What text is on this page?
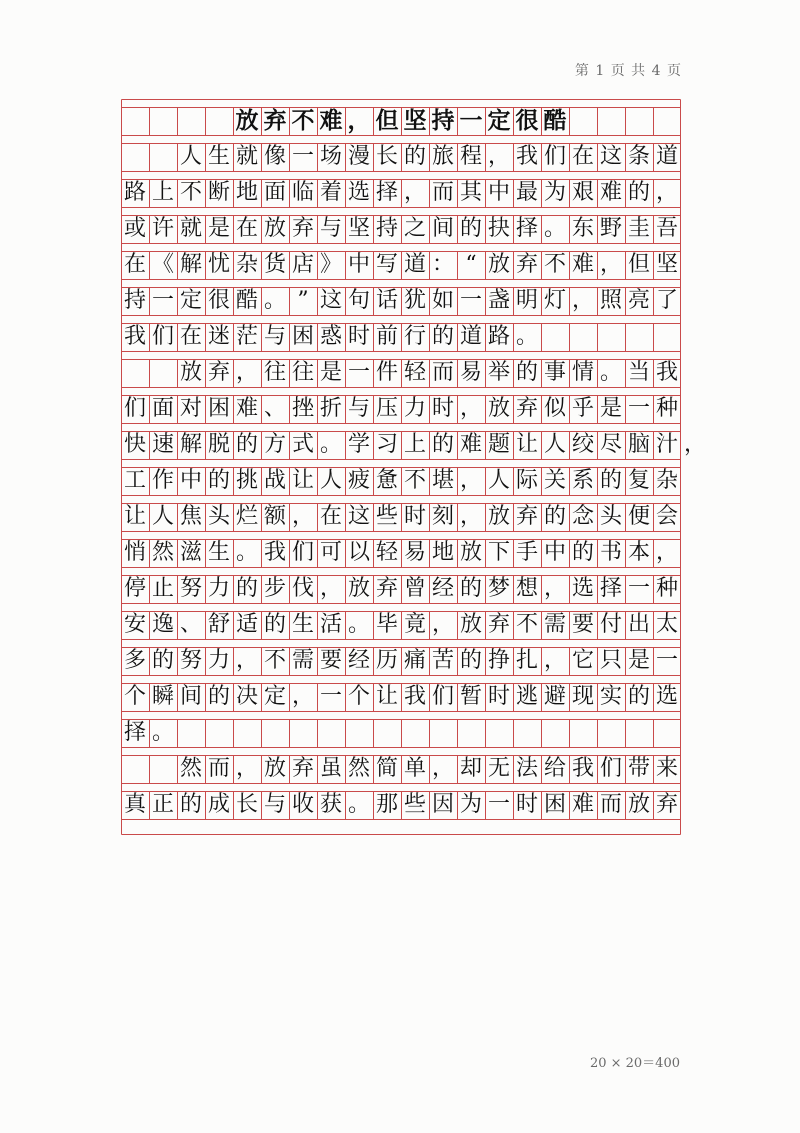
第 1 页 共 4 页
放 弃 不 难 ， 但 坚 持 一 定 很 酷
人 生 就 像 一 场 漫 长 的 旅 程 ， 我 们 在 这 条 道
路 上 不 断 地 面 临 着 选 择 ， 而 其 中 最 为 艰 难 的 ，
或 许 就 是 在 放 弃 与 坚 持 之 间 的 抉 择 。 东 野 圭 吾
在 《 解 忧 杂 货 店 》 中 写 道 ： “ 放 弃 不 难 ， 但 坚
持 一 定 很 酷 。 ” 这 句 话 犹 如 一 盏 明 灯 ， 照 亮 了
我 们 在 迷 茫 与 困 惑 时 前 行 的 道 路 。
放 弃 ， 往 往 是 一 件 轻 而 易 举 的 事 情 。 当 我
们 面 对 困 难 、 挫 折 与 压 力 时 ， 放 弃 似 乎 是 一 种
快 速 解 脱 的 方 式 。 学 习 上 的 难 题 让 人 绞 尽 脑 汁 ，
工 作 中 的 挑 战 让 人 疲 惫 不 堪 ， 人 际 关 系 的 复 杂
让 人 焦 头 烂 额 ， 在 这 些 时 刻 ， 放 弃 的 念 头 便 会
悄 然 滋 生 。 我 们 可 以 轻 易 地 放 下 手 中 的 书 本 ，
停 止 努 力 的 步 伐 ， 放 弃 曾 经 的 梦 想 ， 选 择 一 种
安 逸 、 舒 适 的 生 活 。 毕 竟 ， 放 弃 不 需 要 付 出 太
多 的 努 力 ， 不 需 要 经 历 痛 苦 的 挣 扎 ， 它 只 是 一
个 瞬 间 的 决 定 ， 一 个 让 我 们 暂 时 逃 避 现 实 的 选
择 。
然 而 ， 放 弃 虽 然 简 单 ， 却 无 法 给 我 们 带 来
真 正 的 成 长 与 收 获 。 那 些 因 为 一 时 困 难 而 放 弃
20 × 20＝400
